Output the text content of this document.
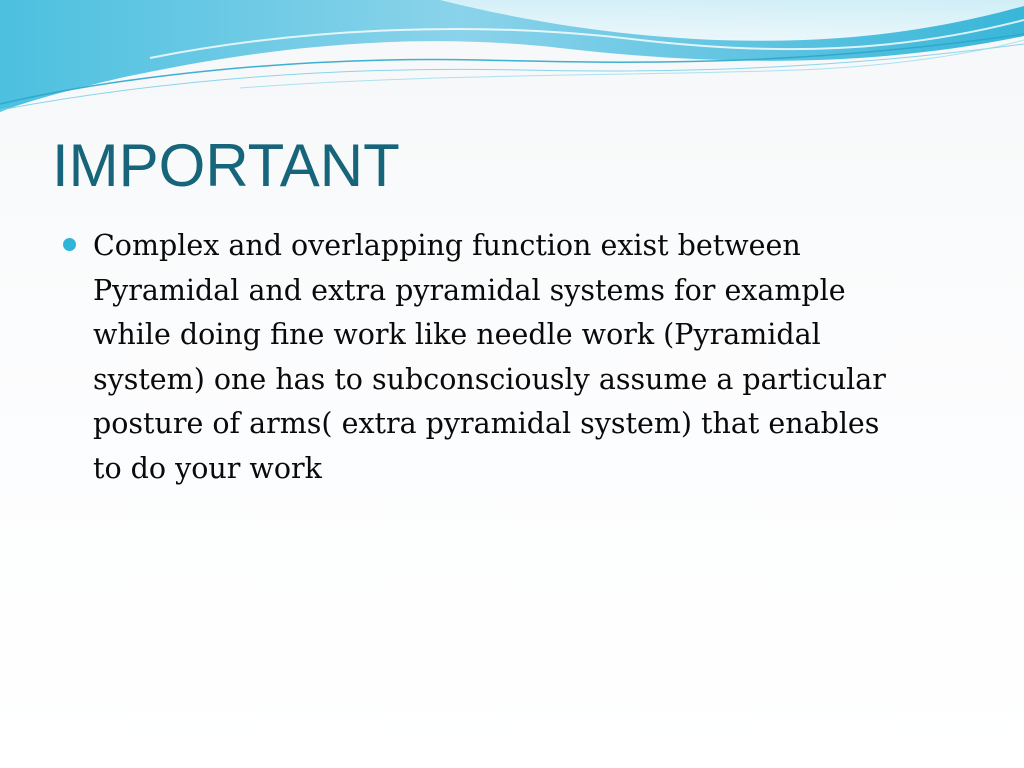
IMPORTANT
Complex and overlapping function exist between
Pyramidal and extra pyramidal systems for example
while doing fine work like needle work (Pyramidal
system) one has to subconsciously assume a particular
posture of arms( extra pyramidal system) that enables
to do your work
